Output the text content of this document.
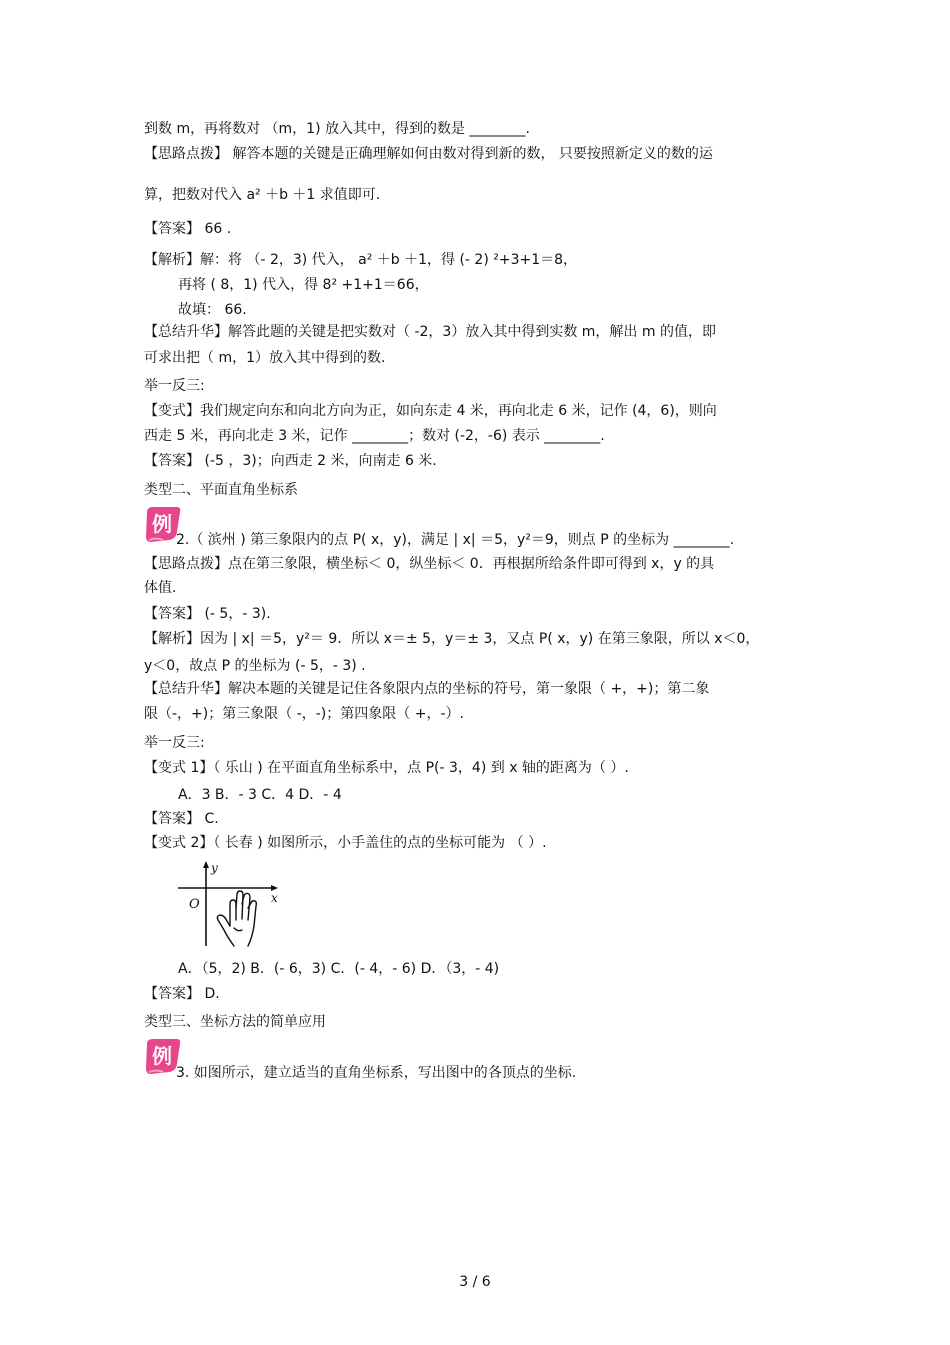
到数 m，再将数对 （m，1) 放入其中，得到的数是 ________.
【思路点拨】 解答本题的关键是正确理解如何由数对得到新的数， 只要按照新定义的数的运
算，把数对代入 a² ＋b ＋1 求值即可.
【答案】 66 .
【解析】解：将 （- 2，3) 代入， a² ＋b ＋1，得 (- 2) ²+3+1＝8，
再将 ( 8，1) 代入，得 8² +1+1＝66，
故填： 66.
【总结升华】解答此题的关键是把实数对（ -2，3）放入其中得到实数 m，解出 m 的值，即
可求出把（ m，1）放入其中得到的数.
举一反三:
【变式】我们规定向东和向北方向为正，如向东走 4 米，再向北走 6 米，记作 (4，6)，则向
西走 5 米，再向北走 3 米，记作 ________；数对 (-2，-6) 表示 ________.
【答案】 (-5 ，3)；向西走 2 米，向南走 6 米.
类型二、平面直角坐标系
例
2.（ 滨州 ) 第三象限内的点 P( x，y)，满足 | x| ＝5，y²＝9，则点 P 的坐标为 ________.
【思路点拨】点在第三象限，横坐标＜ 0，纵坐标＜ 0．再根据所给条件即可得到 x，y 的具
体值.
【答案】 (- 5，- 3).
【解析】因为 | x| ＝5，y²＝ 9．所以 x＝± 5，y＝± 3，又点 P( x，y) 在第三象限，所以 x＜0，
y＜0，故点 P 的坐标为 (- 5，- 3) .
【总结升华】解决本题的关键是记住各象限内点的坐标的符号，第一象限（ +，+)；第二象
限（-，+)；第三象限（ -，-)；第四象限（ +，-）.
举一反三:
【变式 1】（ 乐山 ) 在平面直角坐标系中，点 P(- 3，4) 到 x 轴的距离为（ ）.
A．3 B．- 3 C．4 D．- 4
【答案】 C.
【变式 2】（ 长春 ) 如图所示，小手盖住的点的坐标可能为 （ ）.
y
x
O
A．（5，2) B．(- 6，3) C．(- 4，- 6) D．（3，- 4)
【答案】 D.
类型三、坐标方法的简单应用
例
3. 如图所示，建立适当的直角坐标系，写出图中的各顶点的坐标.
3 / 6
